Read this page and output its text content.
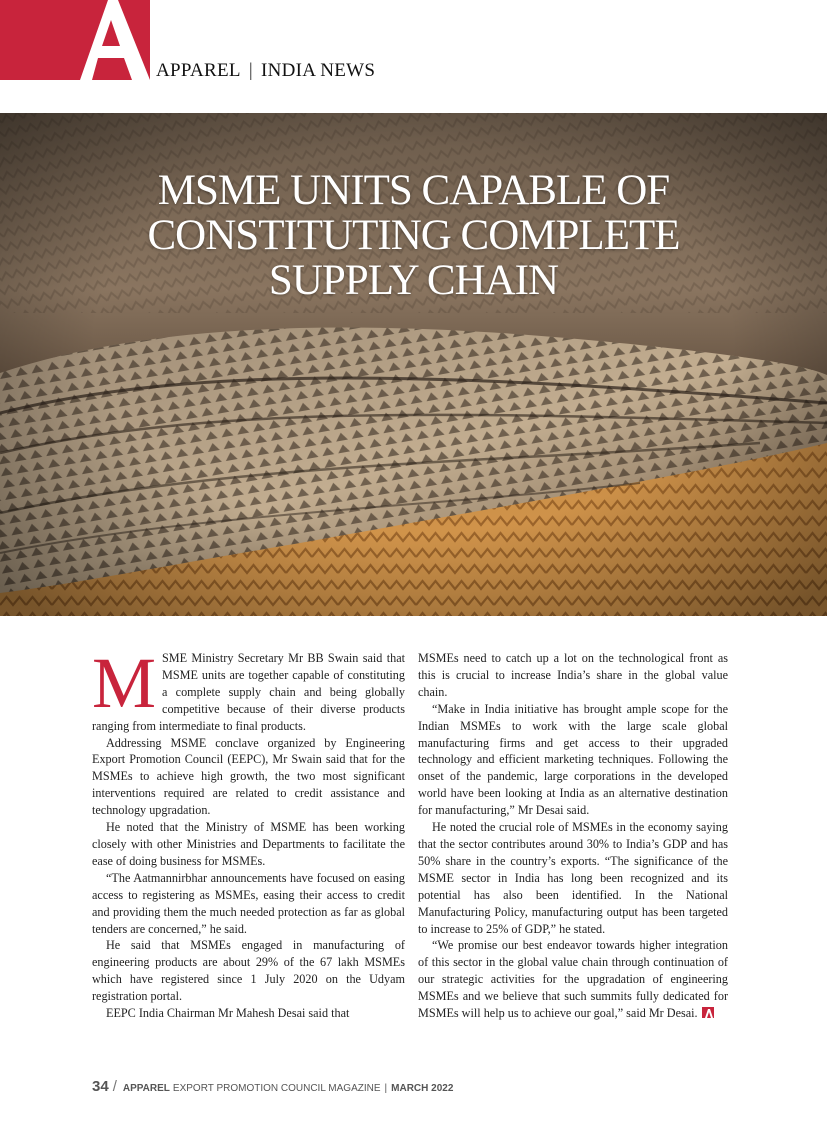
APPAREL | INDIA NEWS
MSME UNITS CAPABLE OF
CONSTITUTING COMPLETE
SUPPLY CHAIN

MSME Ministry Secretary Mr BB Swain said that MSME units are together capable of constituting a complete supply chain and being globally competitive because of their diverse products ranging from intermediate to final products.

Addressing MSME conclave organized by Engineering Export Promotion Council (EEPC), Mr Swain said that for the MSMEs to achieve high growth, the two most significant interventions required are related to credit assistance and technology upgradation.

He noted that the Ministry of MSME has been working closely with other Ministries and Departments to facilitate the ease of doing business for MSMEs.

“The Aatmannirbhar announcements have focused on easing access to registering as MSMEs, easing their access to credit and providing them the much needed protection as far as global tenders are concerned,” he said.

He said that MSMEs engaged in manufacturing of engineering products are about 29% of the 67 lakh MSMEs which have registered since 1 July 2020 on the Udyam registration portal.

EEPC India Chairman Mr Mahesh Desai said that

MSMEs need to catch up a lot on the technological front as this is crucial to increase India’s share in the global value chain.

“Make in India initiative has brought ample scope for the Indian MSMEs to work with the large scale global manufacturing firms and get access to their upgraded technology and efficient marketing techniques. Following the onset of the pandemic, large corporations in the developed world have been looking at India as an alternative destination for manufacturing,” Mr Desai said.

He noted the crucial role of MSMEs in the economy saying that the sector contributes around 30% to India’s GDP and has 50% share in the country’s exports. “The significance of the MSME sector in India has long been recognized and its potential has also been identified. In the National Manufacturing Policy, manufacturing output has been targeted to increase to 25% of GDP,” he stated.

“We promise our best endeavor towards higher integration of this sector in the global value chain through continuation of our strategic activities for the upgradation of engineering MSMEs and we believe that such summits fully dedicated for MSMEs will help us to achieve our goal,” said Mr Desai.

34 / APPAREL EXPORT PROMOTION COUNCIL MAGAZINE | MARCH 2022
